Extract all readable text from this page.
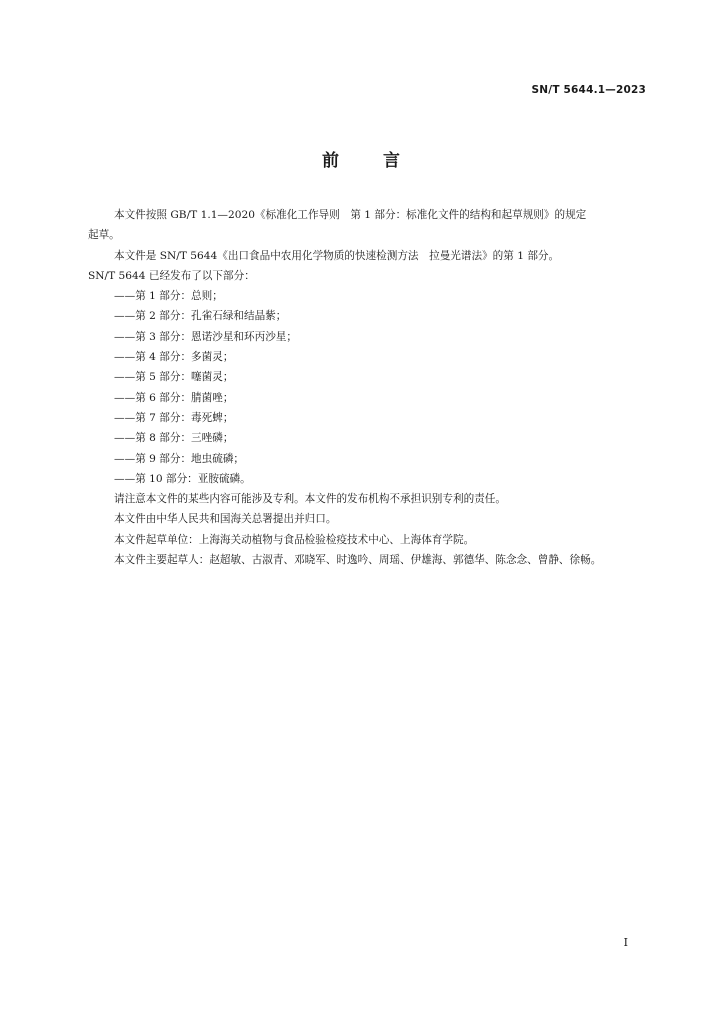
SN/T 5644.1—2023
前 言

本文件按照 GB/T 1.1—2020《标准化工作导则　第 1 部分：标准化文件的结构和起草规则》的规定

起草。

本文件是 SN/T 5644《出口食品中农用化学物质的快速检测方法　拉曼光谱法》的第 1 部分。

SN/T 5644 已经发布了以下部分：

——第 1 部分：总则；

——第 2 部分：孔雀石绿和结晶紫；

——第 3 部分：恩诺沙星和环丙沙星；

——第 4 部分：多菌灵；

——第 5 部分：噻菌灵；

——第 6 部分：腈菌唑；

——第 7 部分：毒死蜱；

——第 8 部分：三唑磷；

——第 9 部分：地虫硫磷；

——第 10 部分：亚胺硫磷。

请注意本文件的某些内容可能涉及专利。本文件的发布机构不承担识别专利的责任。

本文件由中华人民共和国海关总署提出并归口。

本文件起草单位：上海海关动植物与食品检验检疫技术中心、上海体育学院。

本文件主要起草人：赵超敏、古淑青、邓晓军、时逸吟、周瑶、伊雄海、郭德华、陈念念、曾静、徐畅。

I
